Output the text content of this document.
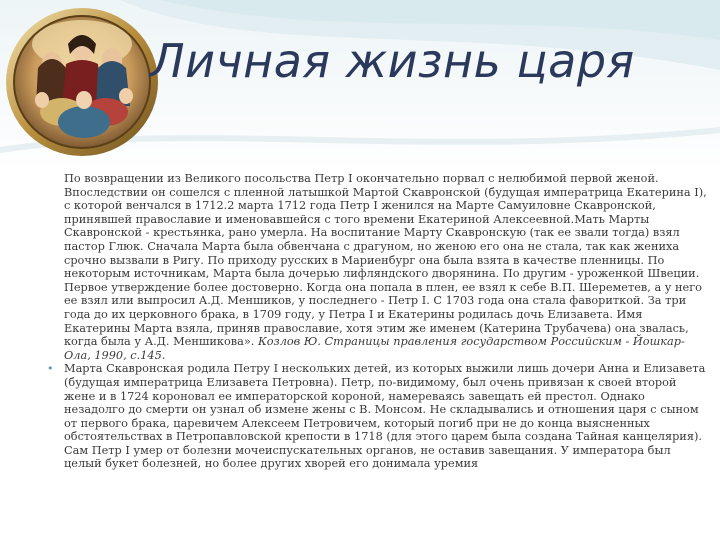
Личная жизнь царя

По возвращении из Великого посольства Петр I окончательно порвал с нелюбимой первой женой. Впоследствии он сошелся с пленной латышкой Мартой Скавронской (будущая императрица Екатерина I), с которой венчался в 1712.2 марта 1712 года Петр I женился на Марте Самуиловне Скавронской, принявшей православие и именовавшейся с того времени Екатериной Алексеевной.Мать Марты Скавронской - крестьянка, рано умерла. На воспитание Марту Скавронскую (так ее звали тогда) взял пастор Глюк. Сначала Марта была обвенчана с драгуном, но женою его она не стала, так как жениха срочно вызвали в Ригу. По приходу русских в Мариенбург она была взята в качестве пленницы. По некоторым источникам, Марта была дочерью лифляндского дворянина. По другим - уроженкой Швеции. Первое утверждение более достоверно. Когда она попала в плен, ее взял к себе В.П. Шереметев, а у него ее взял или выпросил А.Д. Меншиков, у последнего - Петр I. С 1703 года она стала фавориткой. За три года до их церковного брака, в 1709 году, у Петра I и Екатерины родилась дочь Елизавета. Имя Екатерины Марта взяла, приняв православие, хотя этим же именем (Катерина Трубачева) она звалась, когда была у А.Д. Меншикова». Козлов Ю. Страницы правления государством Российским - Йошкар-Ола, 1990, с.145.

• Марта Скавронская родила Петру I нескольких детей, из которых выжили лишь дочери Анна и Елизавета (будущая императрица Елизавета Петровна). Петр, по-видимому, был очень привязан к своей второй жене и в 1724 короновал ее императорской короной, намереваясь завещать ей престол. Однако незадолго до смерти он узнал об измене жены с В. Монсом. Не складывались и отношения царя с сыном от первого брака, царевичем Алексеем Петровичем, который погиб при не до конца выясненных обстоятельствах в Петропавловской крепости в 1718 (для этого царем была создана Тайная канцелярия). Сам Петр I умер от болезни мочеиспускательных органов, не оставив завещания. У императора был целый букет болезней, но более других хворей его донимала уремия
